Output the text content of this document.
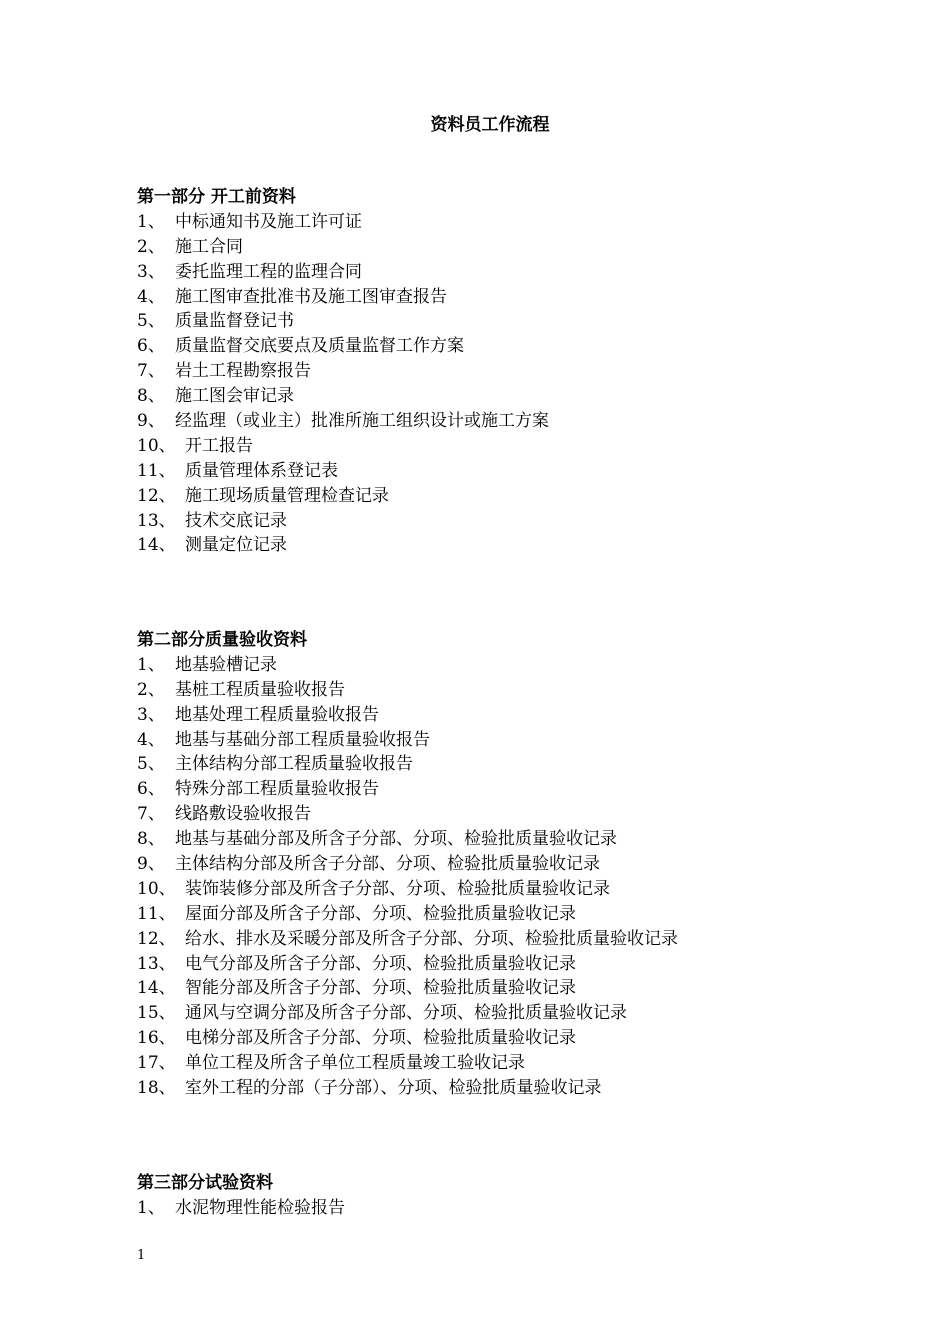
资料员工作流程
第一部分 开工前资料
1、 中标通知书及施工许可证
2、 施工合同
3、 委托监理工程的监理合同
4、 施工图审查批准书及施工图审查报告
5、 质量监督登记书
6、 质量监督交底要点及质量监督工作方案
7、 岩土工程勘察报告
8、 施工图会审记录
9、 经监理（或业主）批准所施工组织设计或施工方案
10、 开工报告
11、 质量管理体系登记表
12、 施工现场质量管理检查记录
13、 技术交底记录
14、 测量定位记录
第二部分质量验收资料
1、 地基验槽记录
2、 基桩工程质量验收报告
3、 地基处理工程质量验收报告
4、 地基与基础分部工程质量验收报告
5、 主体结构分部工程质量验收报告
6、 特殊分部工程质量验收报告
7、 线路敷设验收报告
8、 地基与基础分部及所含子分部、分项、检验批质量验收记录
9、 主体结构分部及所含子分部、分项、检验批质量验收记录
10、 装饰装修分部及所含子分部、分项、检验批质量验收记录
11、 屋面分部及所含子分部、分项、检验批质量验收记录
12、 给水、排水及采暖分部及所含子分部、分项、检验批质量验收记录
13、 电气分部及所含子分部、分项、检验批质量验收记录
14、 智能分部及所含子分部、分项、检验批质量验收记录
15、 通风与空调分部及所含子分部、分项、检验批质量验收记录
16、 电梯分部及所含子分部、分项、检验批质量验收记录
17、 单位工程及所含子单位工程质量竣工验收记录
18、 室外工程的分部（子分部）、分项、检验批质量验收记录
第三部分试验资料
1、 水泥物理性能检验报告
1
